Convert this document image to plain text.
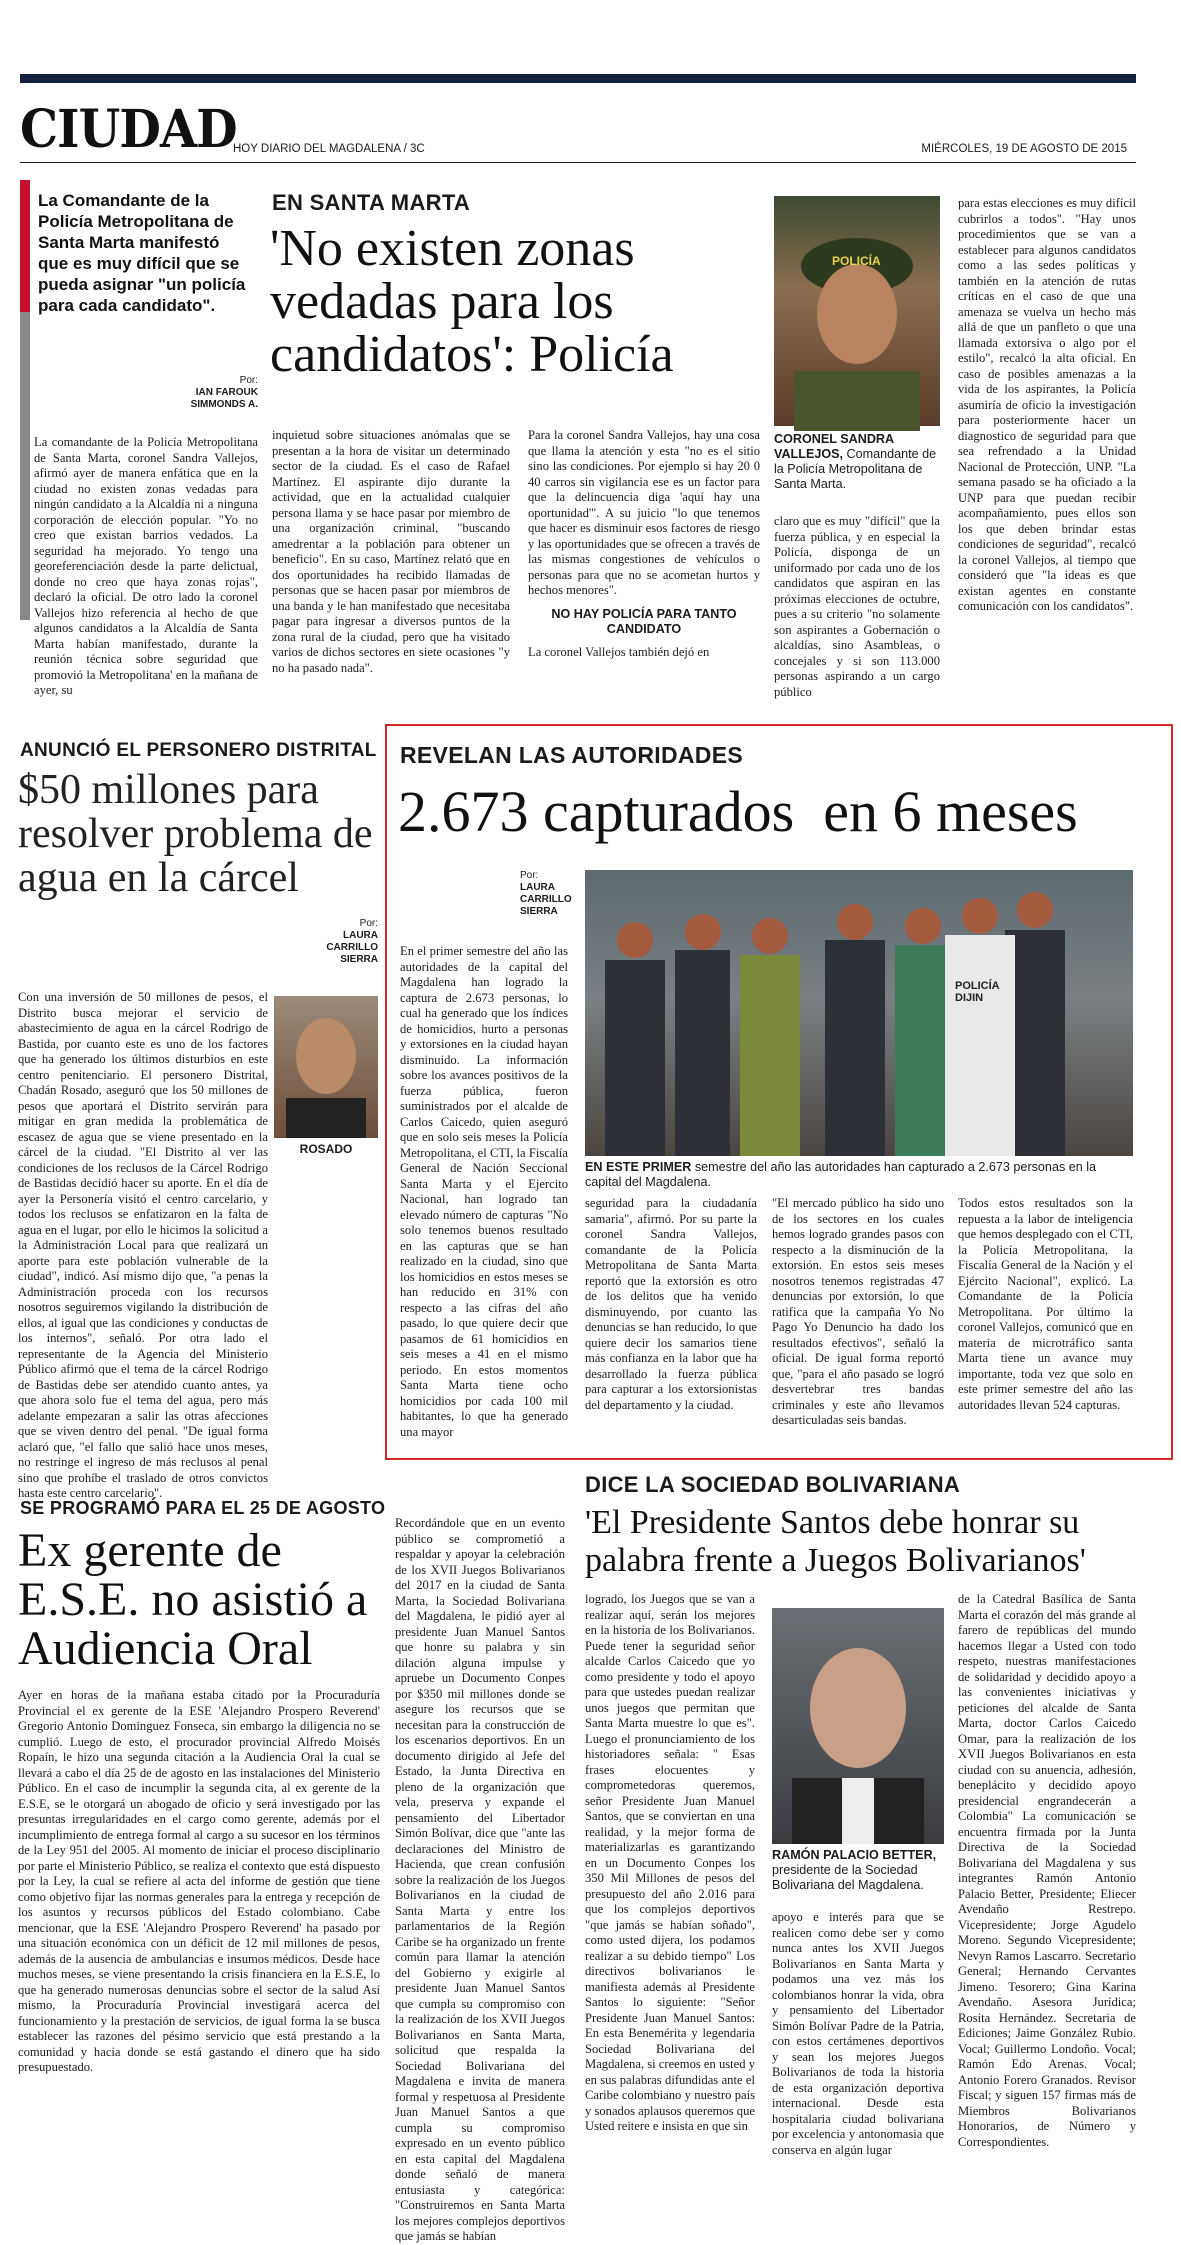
CIUDAD
HOY DIARIO DEL MAGDALENA / 3C	MIÉRCOLES, 19 DE AGOSTO DE 2015
La Comandante de la Policía Metropolitana de Santa Marta manifestó que es muy difícil que se pueda asignar "un policía para cada candidato".
Por:
IAN FAROUK SIMMONDS A.
La comandante de la Policía Metropolitana de Santa Marta, coronel Sandra Vallejos, afirmó ayer de manera enfática que en la ciudad no existen zonas vedadas para ningún candidato a la Alcaldía ni a ninguna corporación de elección popular. "Yo no creo que existan barrios vedados. La seguridad ha mejorado. Yo tengo una georeferenciación desde la parte delictual, donde no creo que haya zonas rojas", declaró la oficial. De otro lado la coronel Vallejos hizo referencia al hecho de que algunos candidatos a la Alcaldía de Santa Marta habían manifestado, durante la reunión técnica sobre seguridad que promovió la Metropolitana' en la mañana de ayer, su
EN SANTA MARTA
'No existen zonas vedadas para los candidatos': Policía
inquietud sobre situaciones anómalas que se presentan a la hora de visitar un determinado sector de la ciudad. Es el caso de Rafael Martínez. El aspirante dijo durante la actividad, que en la actualidad cualquier persona llama y se hace pasar por miembro de una organización criminal, "buscando amedrentar a la población para obtener un beneficio". En su caso, Martínez relató que en dos oportunidades ha recibido llamadas de personas que se hacen pasar por miembros de una banda y le han manifestado que necesitaba pagar para ingresar a diversos puntos de la zona rural de la ciudad, pero que ha visitado varios de dichos sectores en siete ocasiones "y no ha pasado nada".
Para la coronel Sandra Vallejos, hay una cosa que llama la atención y esta "no es el sitio sino las condiciones. Por ejemplo si hay 20 0 40 carros sin vigilancia ese es un factor para que la delincuencia diga 'aquí hay una oportunidad'". A su juicio "lo que tenemos que hacer es disminuir esos factores de riesgo y las oportunidades que se ofrecen a través de las mismas congestiones de vehículos o personas para que no se acometan hurtos y hechos menores".
NO HAY POLICÍA PARA TANTO CANDIDATO
La coronel Vallejos también dejó en
POLICÍA
CORONEL SANDRA VALLEJOS, Comandante de la Policía Metropolitana de Santa Marta.
claro que es muy "difícil" que la fuerza pública, y en especial la Policía, disponga de un uniformado por cada uno de los candidatos que aspiran en las próximas elecciones de octubre, pues a su criterio "no solamente son aspirantes a Gobernación o alcaldías, sino Asambleas, o concejales y si son 113.000 personas aspirando a un cargo público
para estas elecciones es muy difícil cubrirlos a todos". "Hay unos procedimientos que se van a establecer para algunos candidatos como a las sedes políticas y también en la atención de rutas críticas en el caso de que una amenaza se vuelva un hecho más allá de que un panfleto o que una llamada extorsiva o algo por el estilo", recalcó la alta oficial. En caso de posibles amenazas a la vida de los aspirantes, la Policía asumiría de oficio la investigación para posteriormente hacer un diagnostico de seguridad para que sea refrendado a la Unidad Nacional de Protección, UNP. "La semana pasado se ha oficiado a la UNP para que puedan recibir acompañamiento, pues ellos son los que deben brindar estas condiciones de seguridad", recalcó la coronel Vallejos, al tiempo que consideró que "la ideas es que existan agentes en constante comunicación con los candidatos".
ANUNCIÓ EL PERSONERO DISTRITAL
$50 millones para resolver problema de agua en la cárcel
Por:
LAURA CARRILLO SIERRA
ROSADO
Con una inversión de 50 millones de pesos, el Distrito busca mejorar el servicio de abastecimiento de agua en la cárcel Rodrigo de Bastida, por cuanto este es uno de los factores que ha generado los últimos disturbios en este centro penitenciario. El personero Distrital, Chadán Rosado, aseguró que los 50 millones de pesos que aportará el Distrito servirán para mitigar en gran medida la problemática de escasez de agua que se viene presentado en la cárcel de la ciudad. "El Distrito al ver las condiciones de los reclusos de la Cárcel Rodrigo de Bastidas decidió hacer su aporte. En el día de ayer la Personería visitó el centro carcelario, y todos los reclusos se enfatizaron en la falta de agua en el lugar, por ello le hicimos la solicitud a la Administración Local para que realizará un aporte para este población vulnerable de la ciudad", indicó. Así mismo dijo que, "a penas la Administración proceda con los recursos nosotros seguiremos vigilando la distribución de ellos, al igual que las condiciones y conductas de los internos", señaló. Por otra lado el representante de la Agencia del Ministerio Público afirmó que el tema de la cárcel Rodrigo de Bastidas debe ser atendido cuanto antes, ya que ahora solo fue el tema del agua, pero más adelante empezaran a salir las otras afecciones que se viven dentro del penal. "De igual forma aclaró que, "el fallo que salió hace unos meses, no restringe el ingreso de más reclusos al penal sino que prohíbe el traslado de otros convictos hasta este centro carcelario".
REVELAN LAS AUTORIDADES
2.673 capturados  en 6 meses
Por:
LAURA CARRILLO SIERRA
En el primer semestre del año las autoridades de la capital del Magdalena han logrado la captura de 2.673 personas, lo cual ha generado que los índices de homicidios, hurto a personas y extorsiones en la ciudad hayan disminuido. La información sobre los avances positivos de la fuerza pública, fueron suministrados por el alcalde de Carlos Caicedo, quien aseguró que en solo seis meses la Policía Metropolitana, el CTI, la Fiscalía General de Nación Seccional Santa Marta y el Ejercito Nacional, han logrado tan elevado número de capturas "No solo tenemos buenos resultado en las capturas que se han realizado en la ciudad, sino que los homicidios en estos meses se han reducido en 31% con respecto a las cifras del año pasado, lo que quiere decir que pasamos de 61 homicidios en seis meses a 41 en el mismo periodo. En estos momentos Santa Marta tiene ocho homicidios por cada 100 mil habitantes, lo que ha generado una mayor
POLICÍA DIJIN
EN ESTE PRIMER semestre del año las autoridades han capturado a 2.673 personas en la capital del Magdalena.
seguridad para la ciudadanía samaria", afirmó. Por su parte la coronel Sandra Vallejos, comandante de la Policía Metropolitana de Santa Marta reportó que la extorsión es otro de los delitos que ha venido disminuyendo, por cuanto las denuncias se han reducido, lo que quiere decir los samarios tiene más confianza en la labor que ha desarrollado la fuerza pública para capturar a los extorsionistas del departamento y la ciudad.
"El mercado público ha sido uno de los sectores en los cuales hemos logrado grandes pasos con respecto a la disminución de la extorsión. En estos seis meses nosotros tenemos registradas 47 denuncias por extorsión, lo que ratifica que la campaña Yo No Pago Yo Denuncio ha dado los resultados efectivos", señaló la oficial. De igual forma reportó que, "para el año pasado se logró desvertebrar tres bandas criminales y este año llevamos desarticuladas seis bandas.
Todos estos resultados son la repuesta a la labor de inteligencia que hemos desplegado con el CTI, la Policía Metropolitana, la Fiscalía General de la Nación y el Ejército Nacional", explicó. La Comandante de la Policía Metropolitana. Por último la coronel Vallejos, comunicó que en materia de microtráfico santa Marta tiene un avance muy importante, toda vez que solo en este primer semestre del año las autoridades llevan 524 capturas.
SE PROGRAMÓ PARA EL 25 DE AGOSTO
Ex gerente de E.S.E. no asistió a Audiencia Oral
Ayer en horas de la mañana estaba citado por la Procuraduría Provincial el ex gerente de la ESE 'Alejandro Prospero Reverend' Gregorio Antonio Domínguez Fonseca, sin embargo la diligencia no se cumplió. Luego de esto, el procurador provincial Alfredo Moisés Ropaín, le hizo una segunda citación a la Audiencia Oral la cual se llevará a cabo el día 25 de de agosto en las instalaciones del Ministerio Público. En el caso de incumplir la segunda cita, al ex gerente de la E.S.E, se le otorgará un abogado de oficio y será investigado por las presuntas irregularidades en el cargo como gerente, además por el incumplimiento de entrega formal al cargo a su sucesor en los términos de la Ley 951 del 2005. Al momento de iniciar el proceso disciplinario por parte el Ministerio Público, se realiza el contexto que está dispuesto por la Ley, la cual se refiere al acta del informe de gestión que tiene como objetivo fijar las normas generales para la entrega y recepción de los asuntos y recursos públicos del Estado colombiano. Cabe mencionar, que la ESE 'Alejandro Prospero Reverend' ha pasado por una situación económica con un déficit de 12 mil millones de pesos, además de la ausencia de ambulancias e insumos médicos. Desde hace muchos meses, se viene presentando la crisis financiera en la E.S.E, lo que ha generado numerosas denuncias sobre el sector de la salud Así mismo, la Procuraduría Provincial investigará acerca del funcionamiento y la prestación de servicios, de igual forma la se busca establecer las razones del pésimo servicio que está prestando a la comunidad y hacia donde se está gastando el dinero que ha sido presupuestado.
Recordándole que en un evento público se comprometió a respaldar y apoyar la celebración de los XVII Juegos Bolivarianos del 2017 en la ciudad de Santa Marta, la Sociedad Bolivariana del Magdalena, le pidió ayer al presidente Juan Manuel Santos que honre su palabra y sin dilación alguna impulse y apruebe un Documento Conpes por $350 mil millones donde se asegure los recursos que se necesitan para la construcción de los escenarios deportivos. En un documento dirigido al Jefe del Estado, la Junta Directiva en pleno de la organización que vela, preserva y expande el pensamiento del Libertador Simón Bolívar, dice que "ante las declaraciones del Ministro de Hacienda, que crean confusión sobre la realización de los Juegos Bolivarianos en la ciudad de Santa Marta y entre los parlamentarios de la Región Caribe se ha organizado un frente común para llamar la atención del Gobierno y exigirle al presidente Juan Manuel Santos que cumpla su compromiso con la realización de los XVII Juegos Bolivarianos en Santa Marta, solicitud que respalda la Sociedad Bolivariana del Magdalena e invita de manera formal y respetuosa al Presidente Juan Manuel Santos a que cumpla su compromiso expresado en un evento público en esta capital del Magdalena donde señaló de manera entusiasta y categórica: "Construiremos en Santa Marta los mejores complejos deportivos que jamás se habían
DICE LA SOCIEDAD BOLIVARIANA
'El Presidente Santos debe honrar su palabra frente a Juegos Bolivarianos'
logrado, los Juegos que se van a realizar aquí, serán los mejores en la historia de los Bolivarianos. Puede tener la seguridad señor alcalde Carlos Caicedo que yo como presidente y todo el apoyo para que ustedes puedan realizar unos juegos que permitan que Santa Marta muestre lo que es". Luego el pronunciamiento de los historiadores señala: " Esas frases elocuentes y comprometedoras queremos, señor Presidente Juan Manuel Santos, que se conviertan en una realidad, y la mejor forma de materializarlas es garantizando en un Documento Conpes los 350 Mil Millones de pesos del presupuesto del año 2.016 para que los complejos deportivos "que jamás se habían soñado", como usted dijera, los podamos realizar a su debido tiempo" Los directivos bolivarianos le manifiesta además al Presidente Santos lo siguiente: "Señor Presidente Juan Manuel Santos: En esta Benemérita y legendaria Sociedad Bolivariana del Magdalena, si creemos en usted y en sus palabras difundidas ante el Caribe colombiano y nuestro país y sonados aplausos queremos que Usted reitere e insista en que sin
RAMÓN PALACIO BETTER, presidente de la Sociedad Bolivariana del Magdalena.
apoyo e interés para que se realicen como debe ser y como nunca antes los XVII Juegos Bolivarianos en Santa Marta y podamos una vez más los colombianos honrar la vida, obra y pensamiento del Libertador Simón Bolívar Padre de la Patria, con estos certámenes deportivos y sean los mejores Juegos Bolivarianos de toda la historia de esta organización deportiva internacional. Desde esta hospitalaria ciudad bolivariana por excelencia y antonomasia que conserva en algún lugar
de la Catedral Basílica de Santa Marta el corazón del más grande al farero de repúblicas del mundo hacemos llegar a Usted con todo respeto, nuestras manifestaciones de solidaridad y decidido apoyo a las convenientes iniciativas y peticiones del alcalde de Santa Marta, doctor Carlos Caicedo Omar, para la realización de los XVII Juegos Bolivarianos en esta ciudad con su anuencia, adhesión, beneplácito y decidido apoyo presidencial engrandecerán a Colombia" La comunicación se encuentra firmada por la Junta Directiva de la Sociedad Bolivariana del Magdalena y sus integrantes Ramón Antonio Palacio Better, Presidente; Eliecer Avendaño Restrepo. Vicepresidente; Jorge Agudelo Moreno. Segundo Vicepresidente; Nevyn Ramos Lascarro. Secretario General; Hernando Cervantes Jimeno. Tesorero; Gina Karina Avendaño. Asesora Jurídica; Rosita Hernández. Secretaria de Ediciones; Jaime González Rubio. Vocal; Guillermo Londoño. Vocal; Ramón Edo Arenas. Vocal; Antonio Forero Granados. Revisor Fiscal; y siguen 157 firmas más de Miembros Bolivarianos Honorarios, de Número y Correspondientes.
